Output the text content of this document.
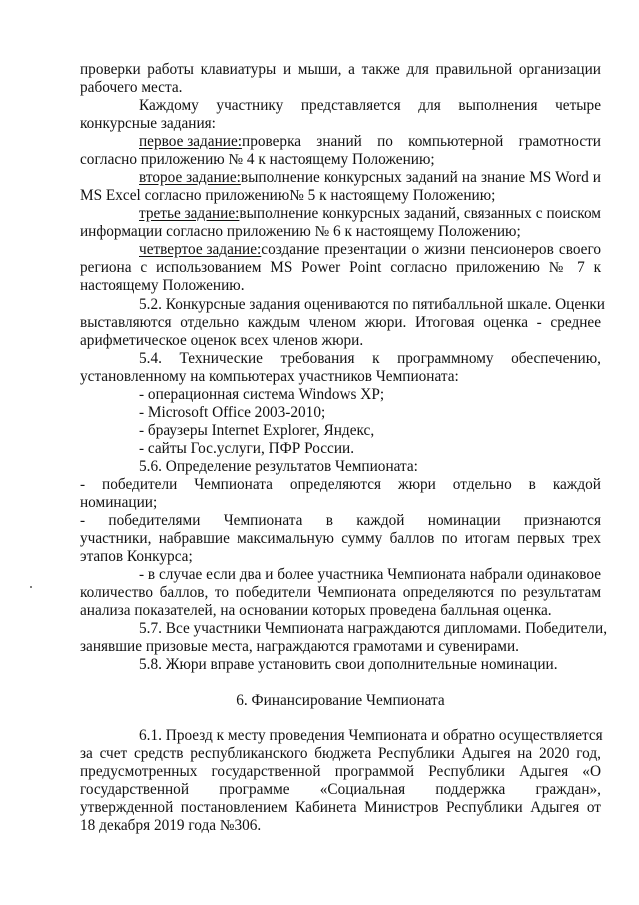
проверки работы клавиатуры и мыши, а также для правильной организации

рабочего места.

Каждому участнику представляется для выполнения четыре

конкурсные задания:

первое задание: проверка знаний по компьютерной грамотности

согласно приложению № 4 к настоящему Положению;

второе задание: выполнение конкурсных заданий на знание MS Word и

MS Excel согласно приложению№ 5 к настоящему Положению;

третье задание: выполнение конкурсных заданий, связанных с поиском

информации согласно приложению № 6 к настоящему Положению;

четвертое задание: создание презентации о жизни пенсионеров своего

региона с использованием MS Power Point согласно приложению № 7 к

настоящему Положению.

5.2. Конкурсные задания оцениваются по пятибалльной шкале. Оценки

выставляются отдельно каждым членом жюри. Итоговая оценка - среднее

арифметическое оценок всех членов жюри.

5.4. Технические требования к программному обеспечению,

установленному на компьютерах участников Чемпионата:

- операционная система Windows XP;

- Microsoft Office 2003-2010;

- браузеры Internet Explorer, Яндекс,

- сайты Гос.услуги, ПФР России.

5.6. Определение результатов Чемпионата:

- победители Чемпионата определяются жюри отдельно в каждой

номинации;

- победителями Чемпионата в каждой номинации признаются

участники, набравшие максимальную сумму баллов по итогам первых трех

этапов Конкурса;

- в случае если два и более участника Чемпионата набрали одинаковое

количество баллов, то победители Чемпионата определяются по результатам

анализа показателей, на основании которых проведена балльная оценка.

5.7. Все участники Чемпионата награждаются дипломами. Победители,

занявшие призовые места, награждаются грамотами и сувенирами.

5.8. Жюри вправе установить свои дополнительные номинации.

6. Финансирование Чемпионата

6.1. Проезд к месту проведения Чемпионата и обратно осуществляется

за счет средств республиканского бюджета Республики Адыгея на 2020 год,

предусмотренных государственной программой Республики Адыгея «О

государственной программе «Социальная поддержка граждан»,

утвержденной постановлением Кабинета Министров Республики Адыгея от

18 декабря 2019 года №306.
